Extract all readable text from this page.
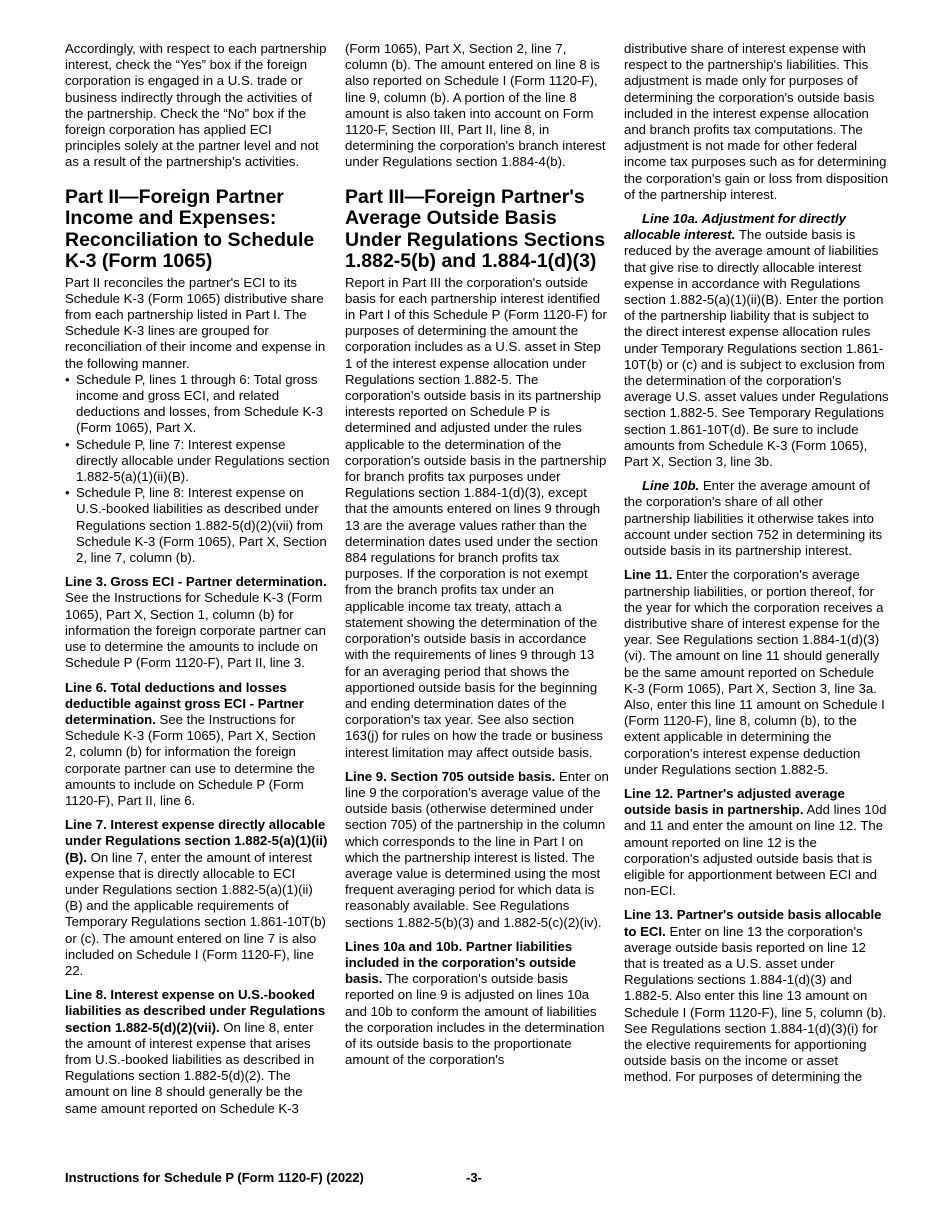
Accordingly, with respect to each partnership interest, check the “Yes” box if the foreign corporation is engaged in a U.S. trade or business indirectly through the activities of the partnership. Check the “No” box if the foreign corporation has applied ECI principles solely at the partner level and not as a result of the partnership's activities.

Part II—Foreign Partner Income and Expenses: Reconciliation to Schedule K-3 (Form 1065)

Part II reconciles the partner's ECI to its Schedule K-3 (Form 1065) distributive share from each partnership listed in Part I. The Schedule K-3 lines are grouped for reconciliation of their income and expense in the following manner.

• Schedule P, lines 1 through 6: Total gross income and gross ECI, and related deductions and losses, from Schedule K-3 (Form 1065), Part X.

• Schedule P, line 7: Interest expense directly allocable under Regulations section 1.882-5(a)(1)(ii)(B).

• Schedule P, line 8: Interest expense on U.S.-booked liabilities as described under Regulations section 1.882-5(d)(2)(vii) from Schedule K-3 (Form 1065), Part X, Section 2, line 7, column (b).

Line 3. Gross ECI - Partner determination. See the Instructions for Schedule K-3 (Form 1065), Part X, Section 1, column (b) for information the foreign corporate partner can use to determine the amounts to include on Schedule P (Form 1120-F), Part II, line 3.

Line 6. Total deductions and losses deductible against gross ECI - Partner determination. See the Instructions for Schedule K-3 (Form 1065), Part X, Section 2, column (b) for information the foreign corporate partner can use to determine the amounts to include on Schedule P (Form 1120-F), Part II, line 6.

Line 7. Interest expense directly allocable under Regulations section 1.882-5(a)(1)(ii)(B). On line 7, enter the amount of interest expense that is directly allocable to ECI under Regulations section 1.882-5(a)(1)(ii)(B) and the applicable requirements of Temporary Regulations section 1.861-10T(b) or (c). The amount entered on line 7 is also included on Schedule I (Form 1120-F), line 22.

Line 8. Interest expense on U.S.-booked liabilities as described under Regulations section 1.882-5(d)(2)(vii). On line 8, enter the amount of interest expense that arises from U.S.-booked liabilities as described in Regulations section 1.882-5(d)(2). The amount on line 8 should generally be the same amount reported on Schedule K-3

(Form 1065), Part X, Section 2, line 7, column (b). The amount entered on line 8 is also reported on Schedule I (Form 1120-F), line 9, column (b). A portion of the line 8 amount is also taken into account on Form 1120-F, Section III, Part II, line 8, in determining the corporation's branch interest under Regulations section 1.884-4(b).

Part III—Foreign Partner's Average Outside Basis Under Regulations Sections 1.882-5(b) and 1.884-1(d)(3)

Report in Part III the corporation's outside basis for each partnership interest identified in Part I of this Schedule P (Form 1120-F) for purposes of determining the amount the corporation includes as a U.S. asset in Step 1 of the interest expense allocation under Regulations section 1.882-5. The corporation's outside basis in its partnership interests reported on Schedule P is determined and adjusted under the rules applicable to the determination of the corporation's outside basis in the partnership for branch profits tax purposes under Regulations section 1.884-1(d)(3), except that the amounts entered on lines 9 through 13 are the average values rather than the determination dates used under the section 884 regulations for branch profits tax purposes. If the corporation is not exempt from the branch profits tax under an applicable income tax treaty, attach a statement showing the determination of the corporation's outside basis in accordance with the requirements of lines 9 through 13 for an averaging period that shows the apportioned outside basis for the beginning and ending determination dates of the corporation's tax year. See also section 163(j) for rules on how the trade or business interest limitation may affect outside basis.

Line 9. Section 705 outside basis. Enter on line 9 the corporation's average value of the outside basis (otherwise determined under section 705) of the partnership in the column which corresponds to the line in Part I on which the partnership interest is listed. The average value is determined using the most frequent averaging period for which data is reasonably available. See Regulations sections 1.882-5(b)(3) and 1.882-5(c)(2)(iv).

Lines 10a and 10b. Partner liabilities included in the corporation's outside basis. The corporation's outside basis reported on line 9 is adjusted on lines 10a and 10b to conform the amount of liabilities the corporation includes in the determination of its outside basis to the proportionate amount of the corporation's

distributive share of interest expense with respect to the partnership's liabilities. This adjustment is made only for purposes of determining the corporation's outside basis included in the interest expense allocation and branch profits tax computations. The adjustment is not made for other federal income tax purposes such as for determining the corporation's gain or loss from disposition of the partnership interest.

Line 10a. Adjustment for directly allocable interest. The outside basis is reduced by the average amount of liabilities that give rise to directly allocable interest expense in accordance with Regulations section 1.882-5(a)(1)(ii)(B). Enter the portion of the partnership liability that is subject to the direct interest expense allocation rules under Temporary Regulations section 1.861-10T(b) or (c) and is subject to exclusion from the determination of the corporation's average U.S. asset values under Regulations section 1.882-5. See Temporary Regulations section 1.861-10T(d). Be sure to include amounts from Schedule K-3 (Form 1065), Part X, Section 3, line 3b.

Line 10b. Enter the average amount of the corporation's share of all other partnership liabilities it otherwise takes into account under section 752 in determining its outside basis in its partnership interest.

Line 11. Enter the corporation's average partnership liabilities, or portion thereof, for the year for which the corporation receives a distributive share of interest expense for the year. See Regulations section 1.884-1(d)(3)(vi). The amount on line 11 should generally be the same amount reported on Schedule K-3 (Form 1065), Part X, Section 3, line 3a. Also, enter this line 11 amount on Schedule I (Form 1120-F), line 8, column (b), to the extent applicable in determining the corporation's interest expense deduction under Regulations section 1.882-5.

Line 12. Partner's adjusted average outside basis in partnership. Add lines 10d and 11 and enter the amount on line 12. The amount reported on line 12 is the corporation's adjusted outside basis that is eligible for apportionment between ECI and non-ECI.

Line 13. Partner's outside basis allocable to ECI. Enter on line 13 the corporation's average outside basis reported on line 12 that is treated as a U.S. asset under Regulations sections 1.884-1(d)(3) and 1.882-5. Also enter this line 13 amount on Schedule I (Form 1120-F), line 5, column (b). See Regulations section 1.884-1(d)(3)(i) for the elective requirements for apportioning outside basis on the income or asset method. For purposes of determining the

Instructions for Schedule P (Form 1120-F) (2022)	-3-
